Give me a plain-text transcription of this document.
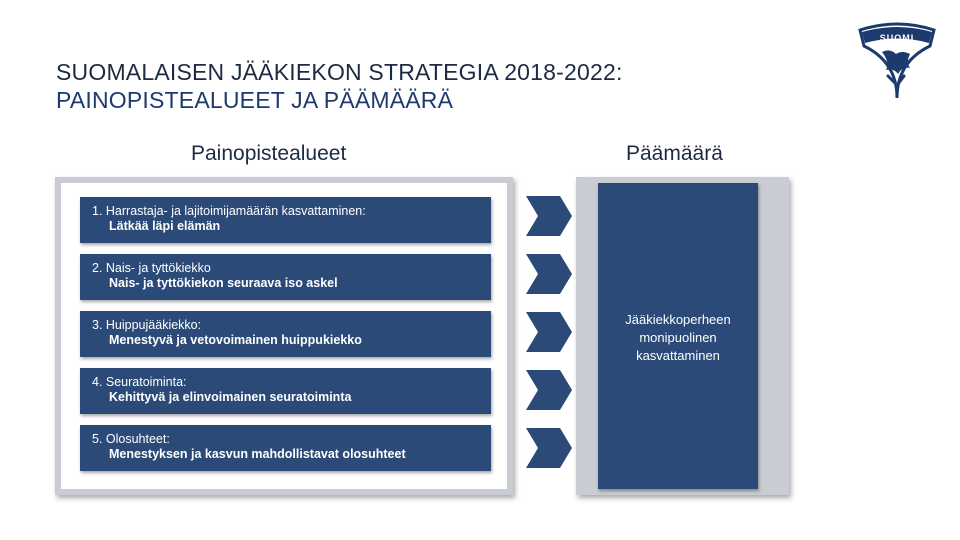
SUOMALAISEN JÄÄKIEKON STRATEGIA 2018-2022:
PAINOPISTEALUEET JA PÄÄMÄÄRÄ
SUOMI
Painopistealueet	Päämäärä
1. Harrastaja- ja lajitoimijamäärän kasvattaminen:
Lätkää läpi elämän
2. Nais- ja tyttökiekko
Nais- ja tyttökiekon seuraava iso askel
3. Huippujääkiekko:
Menestyvä ja vetovoimainen huippukiekko
4. Seuratoiminta:
Kehittyvä ja elinvoimainen seuratoiminta
5. Olosuhteet:
Menestyksen ja kasvun mahdollistavat olosuhteet
Jääkiekkoperheen monipuolinen kasvattaminen
